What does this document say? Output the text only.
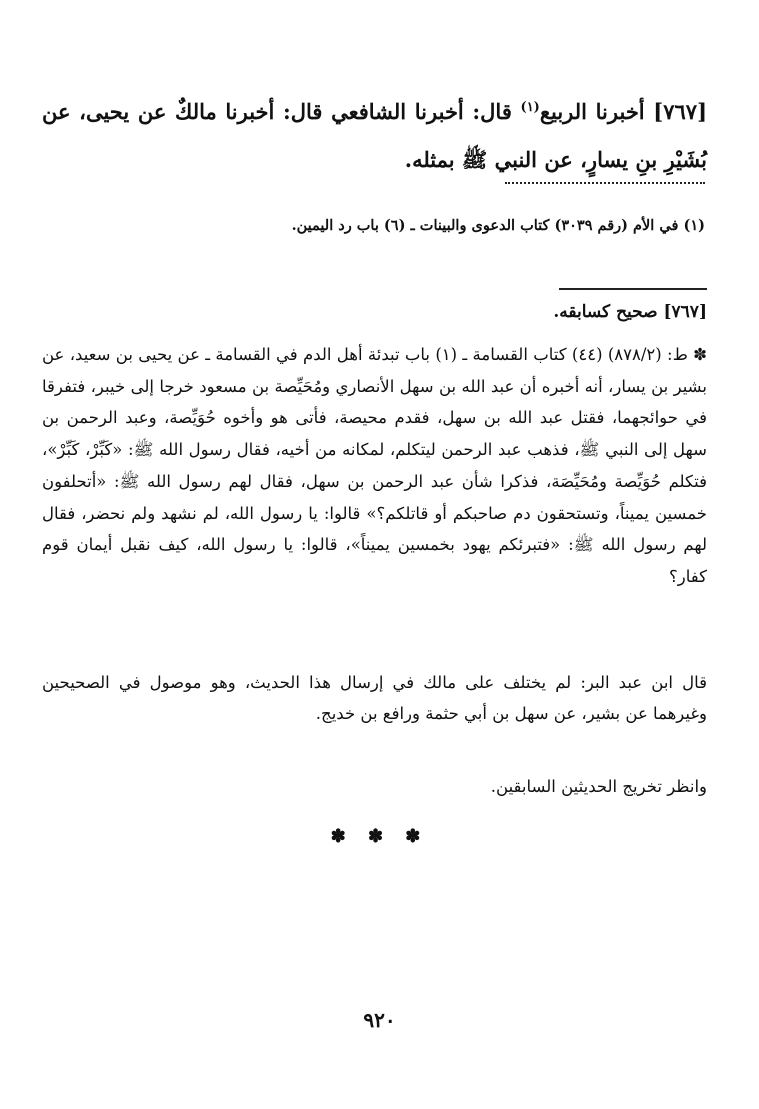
[٧٦٧] أخبرنا الربيع$^{(١)}$ قال: أخبرنا الشافعي قال: أخبرنا مالكٌ عن يحيى، عن بُشَيْرِ بنِ يسارٍ، عن النبي ﷺ بمثله.
(١) في الأم (رقم ٣٠٣٩) كتاب الدعوى والبينات ـ (٦) باب رد اليمين.
[٧٦٧] صحيح كسابقه.
✽ ط: (٨٧٨/٢) (٤٤) كتاب القسامة ـ (١) باب تبدئة أهل الدم في القسامة ـ عن يحيى بن سعيد، عن بشير بن يسار، أنه أخبره أن عبد الله بن سهل الأنصاري ومُحَيِّصة بن مسعود خرجا إلى خيبر، فتفرقا في حوائجهما، فقتل عبد الله بن سهل، فقدم محيصة، فأتى هو وأخوه حُوَيِّصة، وعبد الرحمن بن سهل إلى النبي ﷺ، فذهب عبد الرحمن ليتكلم، لمكانه من أخيه، فقال رسول الله ﷺ: «كَبِّرْ، كَبِّرْ»، فتكلم حُوَيِّصة ومُحَيِّصَة، فذكرا شأن عبد الرحمن بن سهل، فقال لهم رسول الله ﷺ: «أتحلفون خمسين يميناً، وتستحقون دم صاحبكم أو قاتلكم؟» قالوا: يا رسول الله، لم نشهد ولم نحضر، فقال لهم رسول الله ﷺ: «فتبرئكم يهود بخمسين يميناً»، قالوا: يا رسول الله، كيف نقبل أيمان قوم كفار؟
قال ابن عبد البر: لم يختلف على مالك في إرسال هذا الحديث، وهو موصول في الصحيحين وغيرهما عن بشير، عن سهل بن أبي حثمة ورافع بن خديج.
وانظر تخريج الحديثين السابقين.
✽ ✽ ✽
٩٢٠
